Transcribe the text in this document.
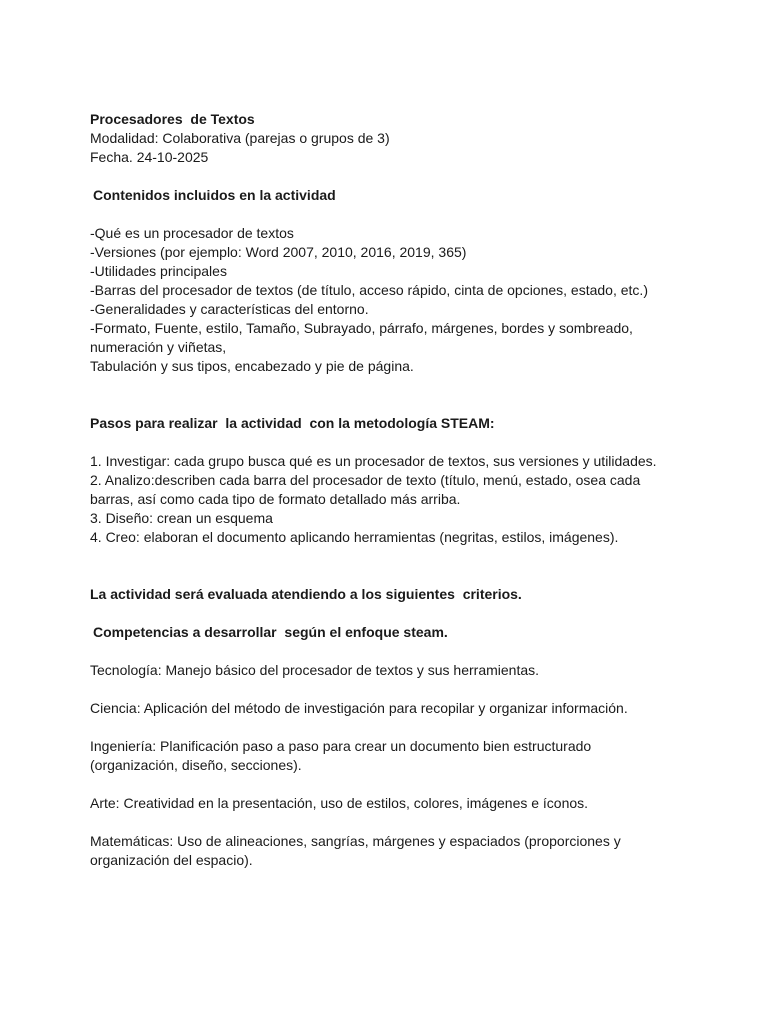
Procesadores  de Textos

Modalidad: Colaborativa (parejas o grupos de 3)

Fecha. 24-10-2025

Contenidos incluidos en la actividad

-Qué es un procesador de textos

-Versiones (por ejemplo: Word 2007, 2010, 2016, 2019, 365)

-Utilidades principales

-Barras del procesador de textos (de título, acceso rápido, cinta de opciones, estado, etc.)

-Generalidades y características del entorno.

-Formato, Fuente, estilo, Tamaño, Subrayado, párrafo, márgenes, bordes y sombreado, numeración y viñetas,

Tabulación y sus tipos, encabezado y pie de página.

Pasos para realizar  la actividad  con la metodología STEAM:

1. Investigar: cada grupo busca qué es un procesador de textos, sus versiones y utilidades.

2. Analizo:describen cada barra del procesador de texto (título, menú, estado, osea cada barras, así como cada tipo de formato detallado más arriba.

3. Diseño: crean un esquema

4. Creo: elaboran el documento aplicando herramientas (negritas, estilos, imágenes).

La actividad será evaluada atendiendo a los siguientes  criterios.

Competencias a desarrollar  según el enfoque steam.

Tecnología: Manejo básico del procesador de textos y sus herramientas.

Ciencia: Aplicación del método de investigación para recopilar y organizar información.

Ingeniería: Planificación paso a paso para crear un documento bien estructurado (organización, diseño, secciones).

Arte: Creatividad en la presentación, uso de estilos, colores, imágenes e íconos.

Matemáticas: Uso de alineaciones, sangrías, márgenes y espaciados (proporciones y organización del espacio).
